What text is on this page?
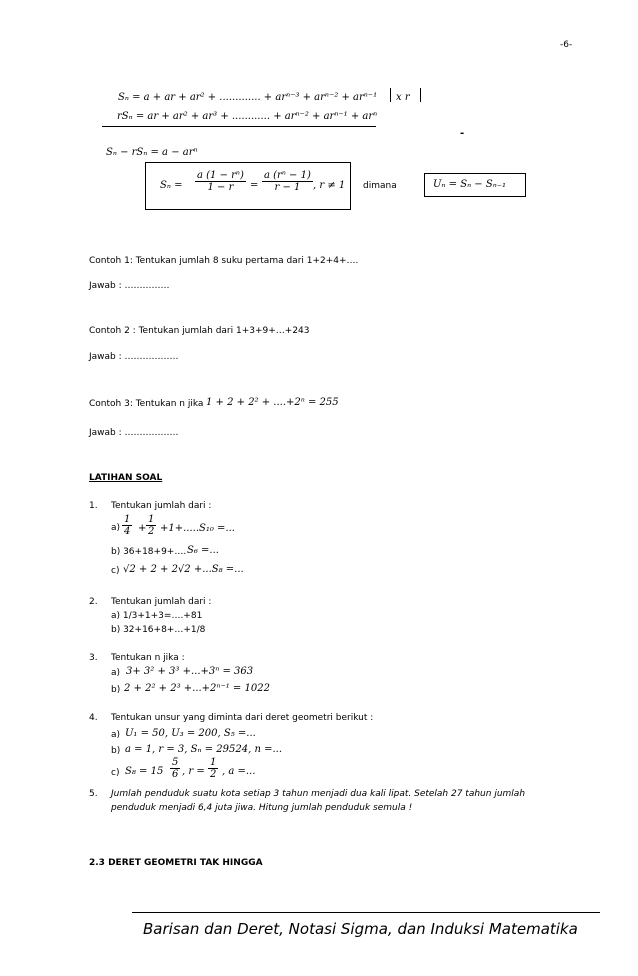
-6-
Sₙ = a + ar + ar² + ............. + arⁿ⁻³ + arⁿ⁻² + arⁿ⁻¹ x r
rSₙ = ar + ar² + ar³ + ............ + arⁿ⁻² + arⁿ⁻¹ + arⁿ
-
Sₙ − rSₙ = a − arⁿ
$S_n = \frac{\text{a (1 − rⁿ)}}{1 - r} = \frac{\text{a (rⁿ − 1)}}{r - 1}$ , r ≠ 1 dimana	Uₙ = Sₙ − Sₙ₋₁
Contoh 1: Tentukan jumlah 8 suku pertama dari 1+2+4+….
Jawab : ……………
Contoh 2 : Tentukan jumlah dari 1+3+9+…+243
Jawab : ………………
Contoh 3: Tentukan n jika 1 + 2 + 2² + ....+2ⁿ = 255
Jawab : ………………
LATIHAN SOAL
1. Tentukan jumlah dari :
$a) \frac{1}{4} + \frac{1}{2} +1+.....S_{10}$ =...
b) 36+18+9+…. S₆ =...
c) √2 + 2 + 2√2 +...S₈ =...
2. Tentukan jumlah dari :
a) 1/3+1+3=….+81
b) 32+16+8+…+1/8
3. Tentukan n jika :
a) 3+ 3² + 3³ +...+3ⁿ = 363
b) 2 + 2² + 2³ +...+2ⁿ⁻¹ = 1022
4. Tentukan unsur yang diminta dari deret geometri berikut :
a) U₁ = 50, U₃ = 200, S₅ =...
b) a = 1, r = 3, Sₙ = 29524, n =...
c) $S_8 = 15 \frac{5}{6}$ , $r = \frac{1}{2}$ , a =...
5. Jumlah penduduk suatu kota setiap 3 tahun menjadi dua kali lipat. Setelah 27 tahun jumlah
penduduk menjadi 6,4 juta jiwa. Hitung jumlah penduduk semula !
2.3 DERET GEOMETRI TAK HINGGA
Barisan dan Deret, Notasi Sigma, dan Induksi Matematika
